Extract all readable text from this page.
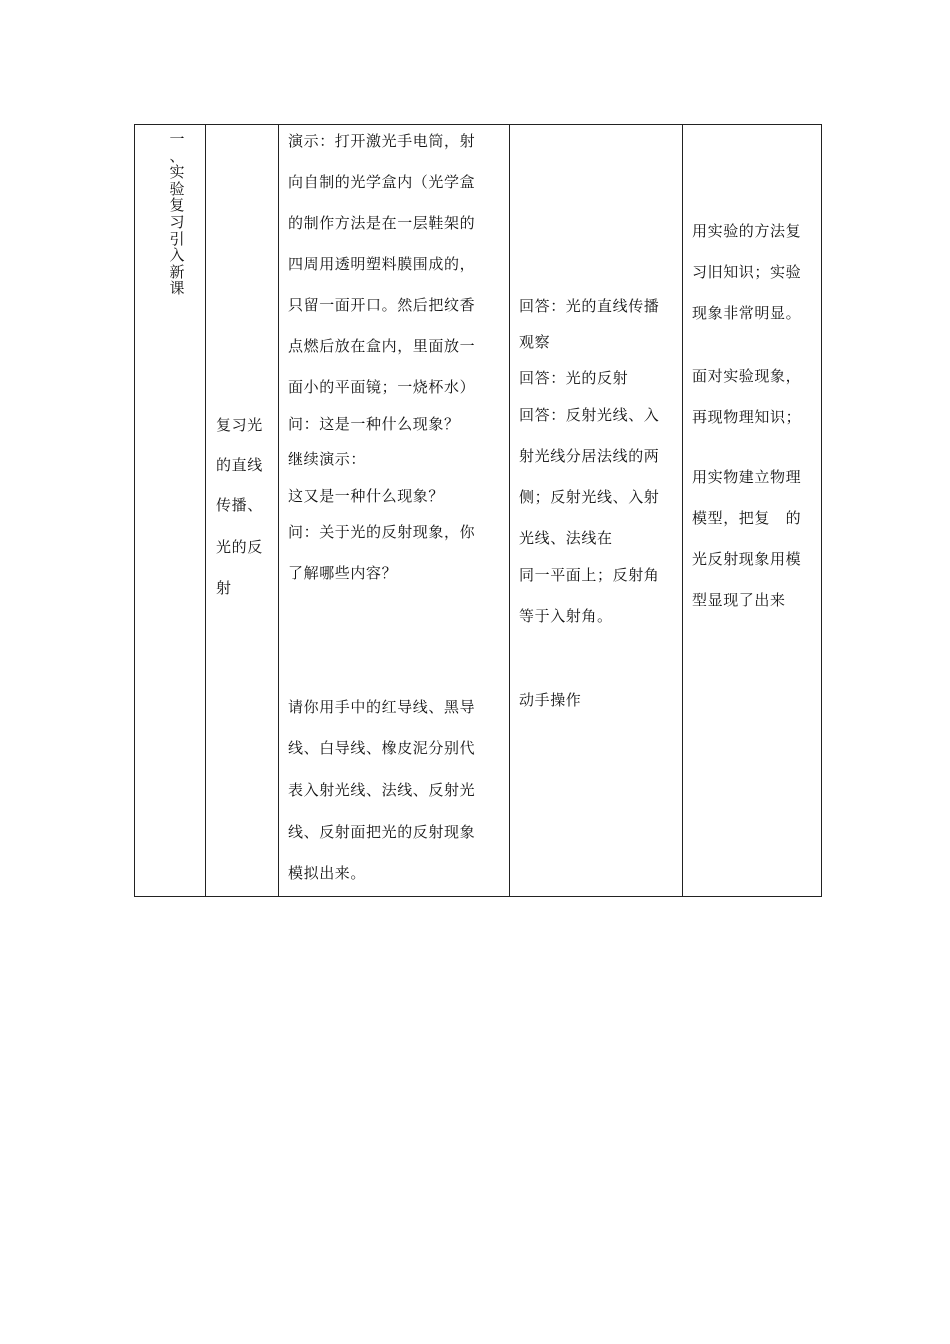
一
、
实
验
复
习
引
入
新
课

复习光
的直线
传播、
光的反
射

演示：打开激光手电筒，射
向自制的光学盒内（光学盒
的制作方法是在一层鞋架的
四周用透明塑料膜围成的，
只留一面开口。然后把纹香
点燃后放在盒内，里面放一
面小的平面镜；一烧杯水）
问：这是一种什么现象？
继续演示：
这又是一种什么现象？
问：关于光的反射现象，你
了解哪些内容？
请你用手中的红导线、黑导
线、白导线、橡皮泥分别代
表入射光线、法线、反射光
线、反射面把光的反射现象
模拟出来。

回答：光的直线传播
观察
回答：光的反射
回答：反射光线、入
射光线分居法线的两
侧；反射光线、入射
光线、法线在
同一平面上；反射角
等于入射角。
动手操作

用实验的方法复
习旧知识；实验
现象非常明显。
面对实验现象，
再现物理知识；
用实物建立物理
模型，把复　的
光反射现象用模
型显现了出来
